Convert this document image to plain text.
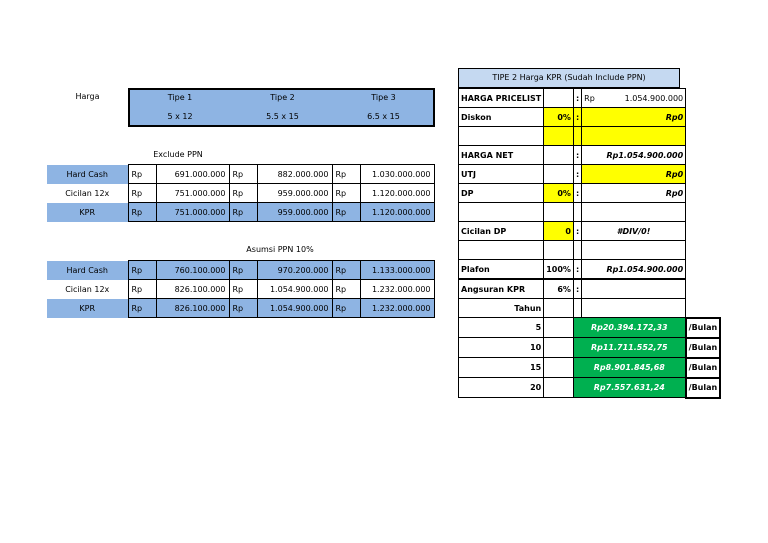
Harga	Tipe 1	Tipe 2	Tipe 3
5 x 12	5.5 x 15	6.5 x 15
Exclude PPN
Hard Cash	Rp	691.000.000	Rp	882.000.000	Rp	1.030.000.000
Cicilan 12x	Rp	751.000.000	Rp	959.000.000	Rp	1.120.000.000
KPR	Rp	751.000.000	Rp	959.000.000	Rp	1.120.000.000
Asumsi PPN 10%
Hard Cash	Rp	760.100.000	Rp	970.200.000	Rp	1.133.000.000
Cicilan 12x	Rp	826.100.000	Rp	1.054.900.000	Rp	1.232.000.000
KPR	Rp	826.100.000	Rp	1.054.900.000	Rp	1.232.000.000
TIPE 2 Harga KPR (Sudah Include PPN)
HARGA PRICELIST		:	Rp 1.054.900.000	

Diskon	0%	:	Rp0	

HARGA NET		:	Rp1.054.900.000	
UTJ		:	Rp0	
DP	0%	:	Rp0	

Cicilan DP	0	:	#DIV/0!	

Plafon	100%	:	Rp1.054.900.000	
Angsuran KPR	6%	:		
Tahun				
5		Rp20.394.172,33		/Bulan
10		Rp11.711.552,75		/Bulan
15		Rp8.901.845,68		/Bulan
20		Rp7.557.631,24		/Bulan
